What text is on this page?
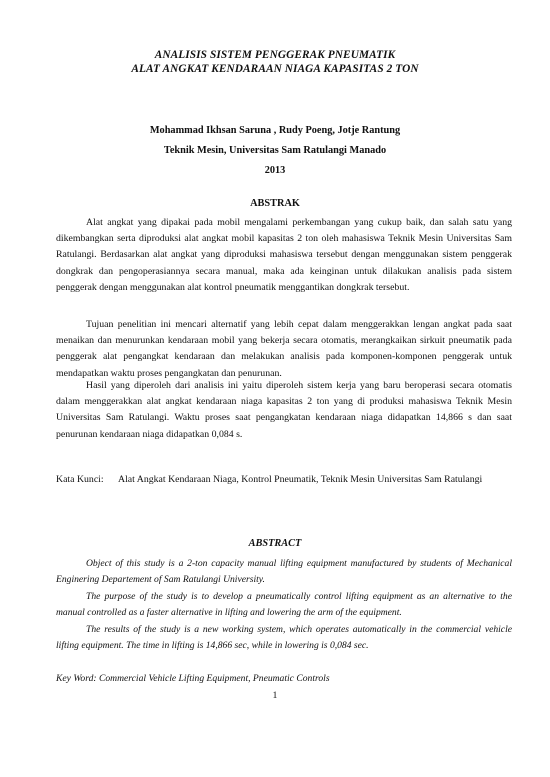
ANALISIS SISTEM PENGGERAK PNEUMATIK
ALAT ANGKAT KENDARAAN NIAGA KAPASITAS 2 TON
Mohammad Ikhsan Saruna , Rudy Poeng, Jotje Rantung
Teknik Mesin, Universitas Sam Ratulangi Manado
2013
ABSTRAK

Alat angkat yang dipakai pada mobil mengalami perkembangan yang cukup baik, dan salah satu yang dikembangkan serta diproduksi alat angkat mobil kapasitas 2 ton oleh mahasiswa Teknik Mesin Universitas Sam Ratulangi. Berdasarkan alat angkat yang diproduksi mahasiswa tersebut dengan menggunakan sistem penggerak dongkrak dan pengoperasiannya secara manual, maka ada keinginan untuk dilakukan analisis pada sistem penggerak dengan menggunakan alat kontrol pneumatik menggantikan dongkrak tersebut.

Tujuan penelitian ini mencari alternatif yang lebih cepat dalam menggerakkan lengan angkat pada saat menaikan dan menurunkan kendaraan mobil yang bekerja secara otomatis, merangkaikan sirkuit pneumatik pada penggerak alat pengangkat kendaraan dan melakukan analisis pada komponen-komponen penggerak untuk mendapatkan waktu proses pengangkatan dan penurunan.

Hasil yang diperoleh dari analisis ini yaitu diperoleh sistem kerja yang baru beroperasi secara otomatis dalam menggerakkan alat angkat kendaraan niaga kapasitas 2 ton yang di produksi mahasiswa Teknik Mesin Universitas Sam Ratulangi. Waktu proses saat pengangkatan kendaraan niaga didapatkan 14,866 s dan saat penurunan kendaraan niaga didapatkan 0,084 s.

Kata Kunci:	Alat Angkat Kendaraan Niaga, Kontrol Pneumatik, Teknik Mesin Universitas Sam Ratulangi
ABSTRACT

Object of this study is a 2-ton capacity manual lifting equipment manufactured by students of Mechanical Enginering Departement of Sam Ratulangi University.

The purpose of the study is to develop a pneumatically control lifting equipment as an alternative to the manual controlled as a faster alternative in lifting and lowering the arm of the equipment.

The results of the study is a new working system, which operates automatically in the commercial vehicle lifting equipment. The time in lifting is 14,866 sec, while in lowering is 0,084 sec.

Key Word: Commercial Vehicle Lifting Equipment, Pneumatic Controls
1
